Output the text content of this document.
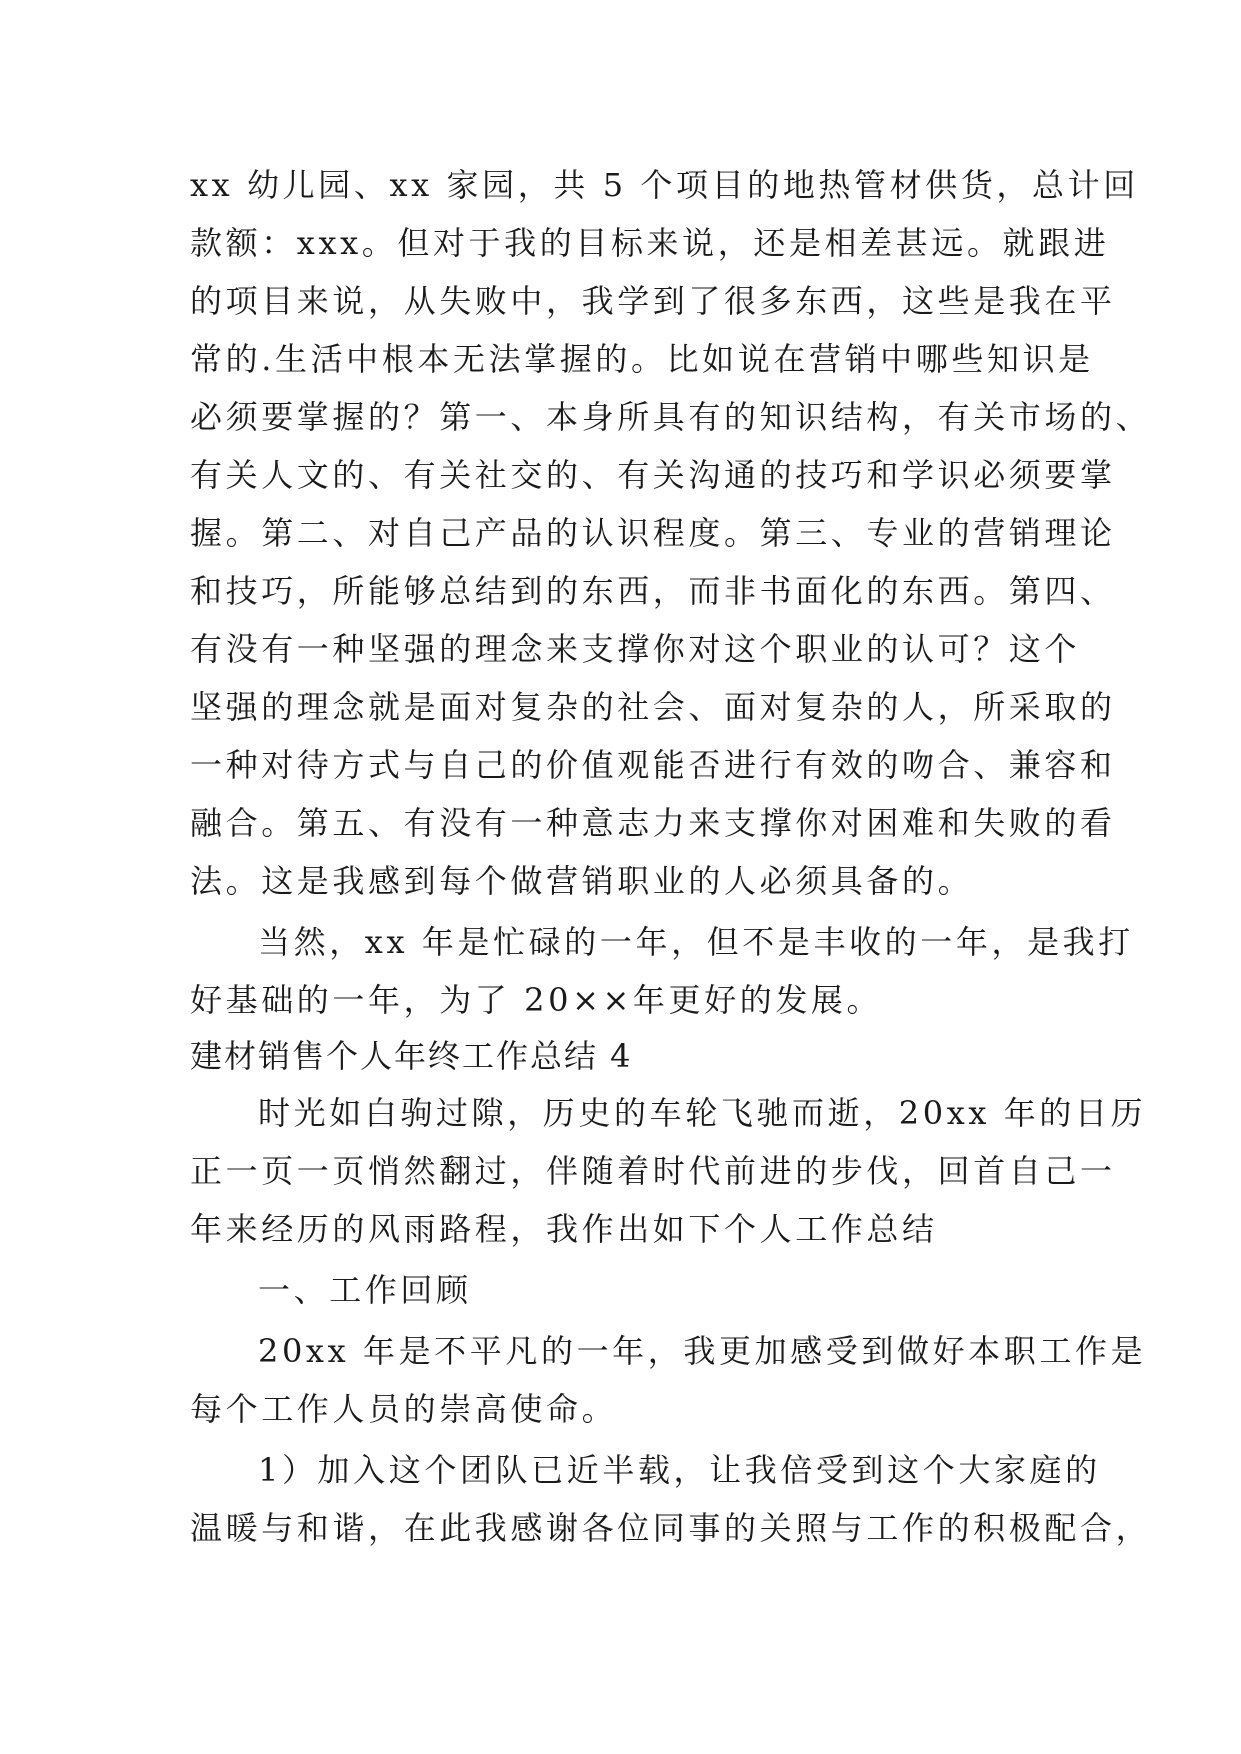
xx 幼儿园、xx 家园，共 5 个项目的地热管材供货，总计回
款额：xxx。但对于我的目标来说，还是相差甚远。就跟进
的项目来说，从失败中，我学到了很多东西，这些是我在平
常的.生活中根本无法掌握的。比如说在营销中哪些知识是
必须要掌握的？第一、本身所具有的知识结构，有关市场的、
有关人文的、有关社交的、有关沟通的技巧和学识必须要掌
握。第二、对自己产品的认识程度。第三、专业的营销理论
和技巧，所能够总结到的东西，而非书面化的东西。第四、
有没有一种坚强的理念来支撑你对这个职业的认可？这个
坚强的理念就是面对复杂的社会、面对复杂的人，所采取的
一种对待方式与自己的价值观能否进行有效的吻合、兼容和
融合。第五、有没有一种意志力来支撑你对困难和失败的看
法。这是我感到每个做营销职业的人必须具备的。
当然，xx 年是忙碌的一年，但不是丰收的一年，是我打
好基础的一年，为了 20××年更好的发展。
建材销售个人年终工作总结 4
时光如白驹过隙，历史的车轮飞驰而逝，20xx 年的日历
正一页一页悄然翻过，伴随着时代前进的步伐，回首自己一
年来经历的风雨路程，我作出如下个人工作总结
一、工作回顾
20xx 年是不平凡的一年，我更加感受到做好本职工作是
每个工作人员的崇高使命。
1）加入这个团队已近半载，让我倍受到这个大家庭的
温暖与和谐，在此我感谢各位同事的关照与工作的积极配合，
